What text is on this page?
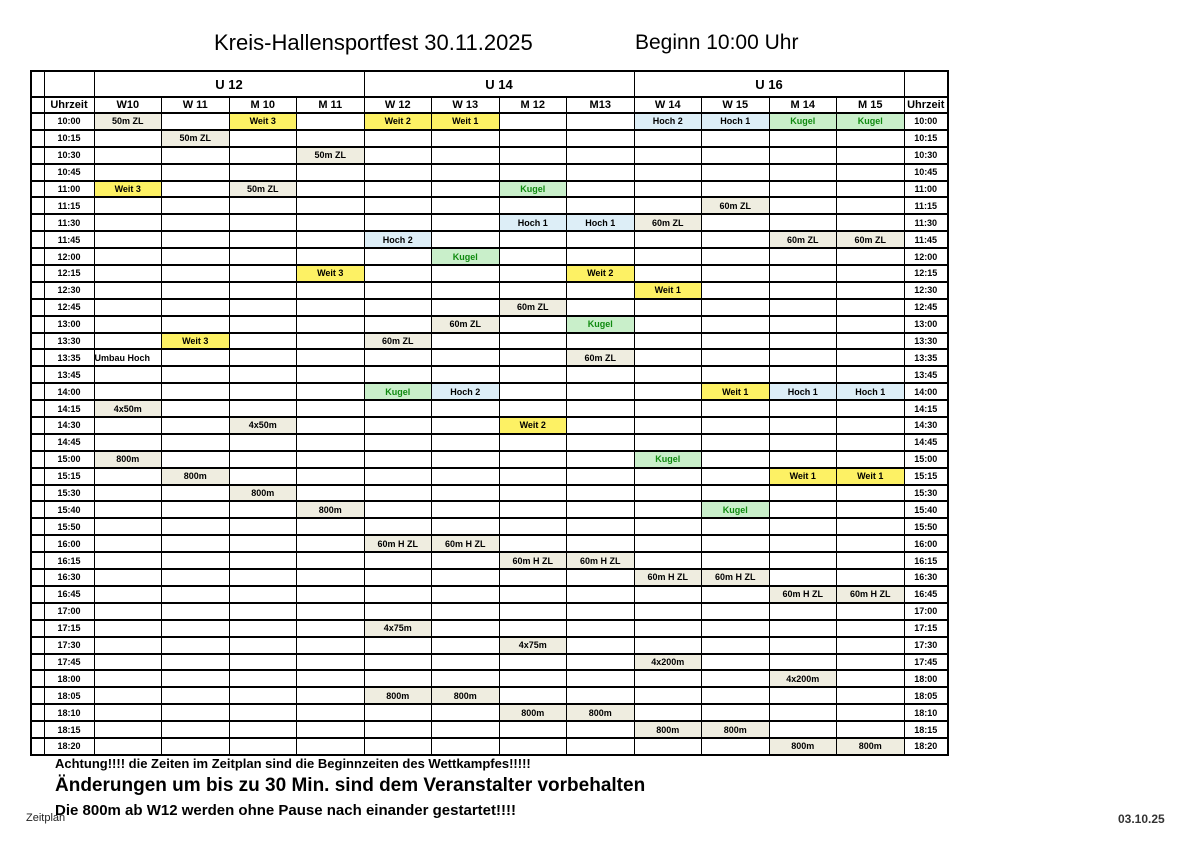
Kreis-Hallensportfest 30.11.2025	Beginn 10:00 Uhr
		U 12				U 14				U 16				
	Uhrzeit	W10	W 11	M 10	M 11	W 12	W 13	M 12	M13	W 14	W 15	M 14	M 15	Uhrzeit
	10:00	50m ZL		Weit 3		Weit 2	Weit 1			Hoch 2	Hoch 1	Kugel	Kugel	10:00
	10:15		50m ZL											10:15
	10:30				50m ZL									10:30
	10:45													10:45
	11:00	Weit 3		50m ZL				Kugel						11:00
	11:15										60m ZL			11:15
	11:30							Hoch 1	Hoch 1	60m ZL				11:30
	11:45					Hoch 2						60m ZL	60m ZL	11:45
	12:00						Kugel							12:00
	12:15				Weit 3				Weit 2					12:15
	12:30									Weit 1				12:30
	12:45							60m ZL						12:45
	13:00						60m ZL		Kugel					13:00
	13:30		Weit 3			60m ZL								13:30
	13:35	Umbau Hoch							60m ZL					13:35
	13:45													13:45
	14:00					Kugel	Hoch 2				Weit 1	Hoch 1	Hoch 1	14:00
	14:15	4x50m												14:15
	14:30			4x50m				Weit 2						14:30
	14:45													14:45
	15:00	800m								Kugel				15:00
	15:15		800m									Weit 1	Weit 1	15:15
	15:30			800m										15:30
	15:40				800m						Kugel			15:40
	15:50													15:50
	16:00					60m H ZL	60m H ZL							16:00
	16:15							60m H ZL	60m H ZL					16:15
	16:30									60m H ZL	60m H ZL			16:30
	16:45											60m H ZL	60m H ZL	16:45
	17:00													17:00
	17:15					4x75m								17:15
	17:30							4x75m						17:30
	17:45									4x200m				17:45
	18:00											4x200m		18:00
	18:05					800m	800m							18:05
	18:10							800m	800m					18:10
	18:15									800m	800m			18:15
	18:20											800m	800m	18:20

Achtung!!!! die Zeiten im Zeitplan sind die Beginnzeiten des Wettkampfes!!!!!

Änderungen um bis zu 30 Min. sind dem Veranstalter vorbehalten

Die 800m ab W12 werden ohne Pause nach einander gestartet!!!!

Zeitplan	03.10.25
